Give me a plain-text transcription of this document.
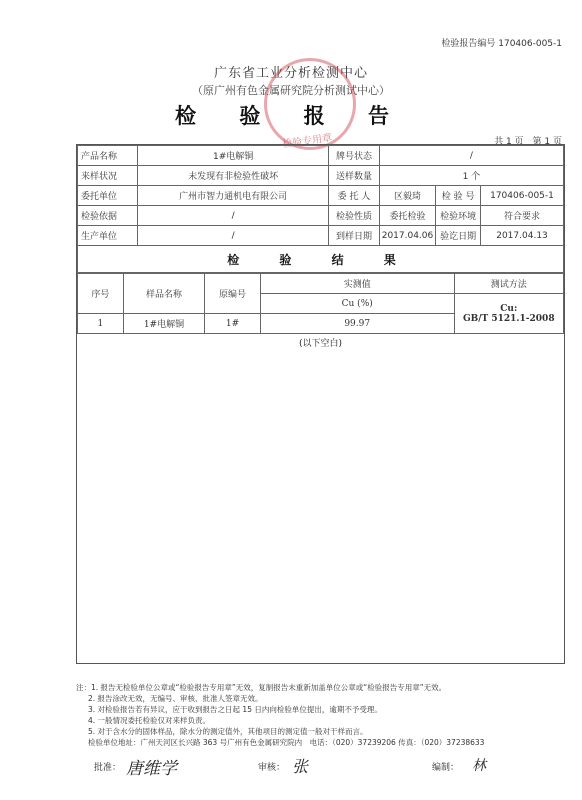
检验报告编号 170406-005-1
广东省工业分析检测中心
（原广州有色金属研究院分析测试中心）
检验专用章
检 验 报 告
共 1 页　第 1 页
产品名称	1#电解铜	牌号状态	/		
来样状况	未发现有非检验性破坏	送样数量	1 个		
委托单位	广州市智力通机电有限公司	委 托 人	区毅琦	检 验 号	170406-005-1
检验依据	/	检验性质	委托检验	检验环境	符合要求
生产单位	/	到样日期	2017.04.06	验讫日期	2017.04.13
检 验 结 果					
序号	样品名称	原编号	实测值	测试方法
			Cu (%)	Cu:
GB/T 5121.1-2008

1	1#电解铜	1#	99.97	
(以下空白)
注：1. 报告无检验单位公章或“检验报告专用章”无效，复制报告未重新加盖单位公章或“检验报告专用章”无效。
2. 报告涂改无效，无编号、审核、批准人签章无效。
3. 对检验报告若有异议，应于收到报告之日起 15 日内向检验单位提出，逾期不予受理。
4. 一般情况委托检验仅对来样负责。
5. 对于含水分的固体样品，除水分的测定值外，其他项目的测定值一般对干样而言。
检验单位地址：广州天河区长兴路 363 号广州有色金属研究院内　电话：（020）37239206 传真：（020）37238633
批准： 唐维学	审核： 张	编制： 林
